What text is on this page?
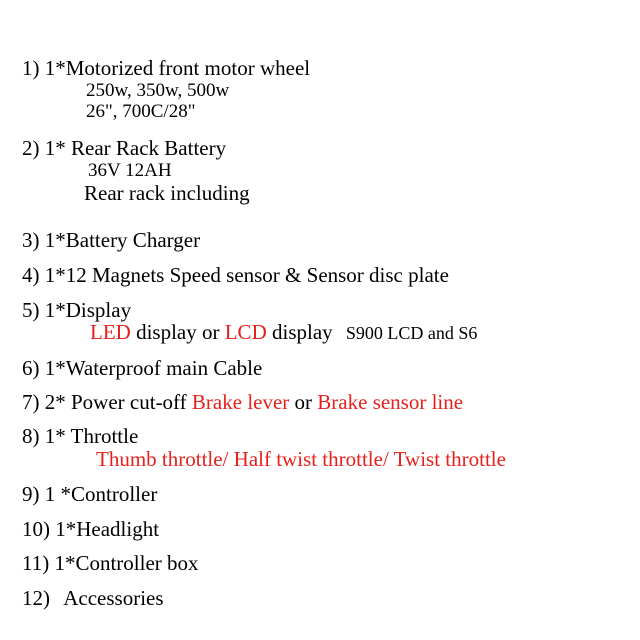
1) 1*Motorized front motor wheel
250w, 350w, 500w
26", 700C/28"
2) 1* Rear Rack Battery
36V 12AH
Rear rack including
3) 1*Battery Charger
4) 1*12 Magnets Speed sensor & Sensor disc plate
5) 1*Display
LED display or LCD display S900 LCD and S6
6) 1*Waterproof main Cable
7) 2* Power cut-off Brake lever or Brake sensor line
8) 1* Throttle
Thumb throttle/ Half twist throttle/ Twist throttle
9) 1 *Controller
10) 1*Headlight
11) 1*Controller box
12) Accessories
